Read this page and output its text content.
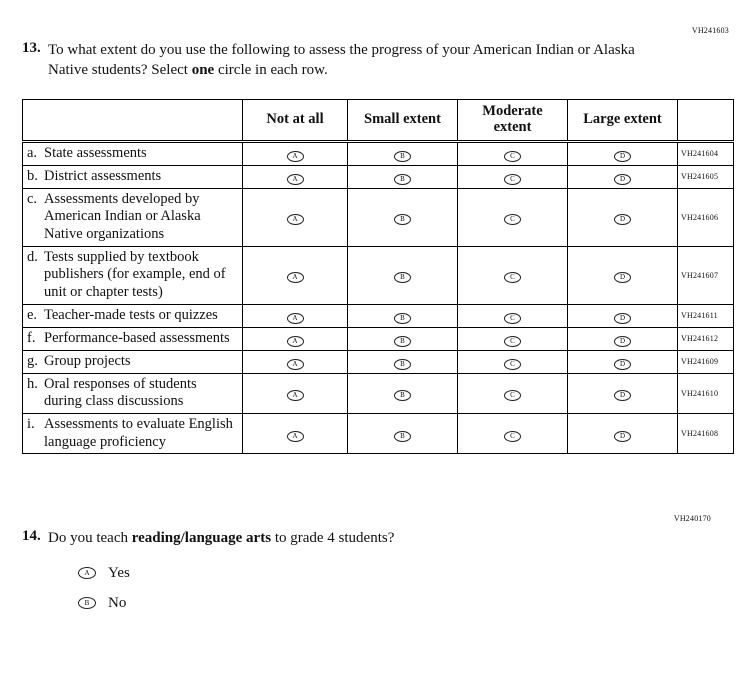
VH241603
13. To what extent do you use the following to assess the progress of your American Indian or Alaska Native students? Select one circle in each row.
	Not at all	Small extent	Moderate extent	Large extent	

a. State assessments	A	B	C	D	VH241604

b. District assessments	A	B	C	D	VH241605

c. Assessments developed by American Indian or Alaska Native organizations	A	B	C	D	VH241606

d. Tests supplied by textbook publishers (for example, end of unit or chapter tests)	A	B	C	D	VH241607

e. Teacher-made tests or quizzes	A	B	C	D	VH241611

f. Performance-based assessments	A	B	C	D	VH241612

g. Group projects	A	B	C	D	VH241609

h. Oral responses of students during class discussions	A	B	C	D	VH241610

i. Assessments to evaluate English language proficiency	A	B	C	D	VH241608
VH240170
14. Do you teach reading/language arts to grade 4 students?
A	Yes
B	No
